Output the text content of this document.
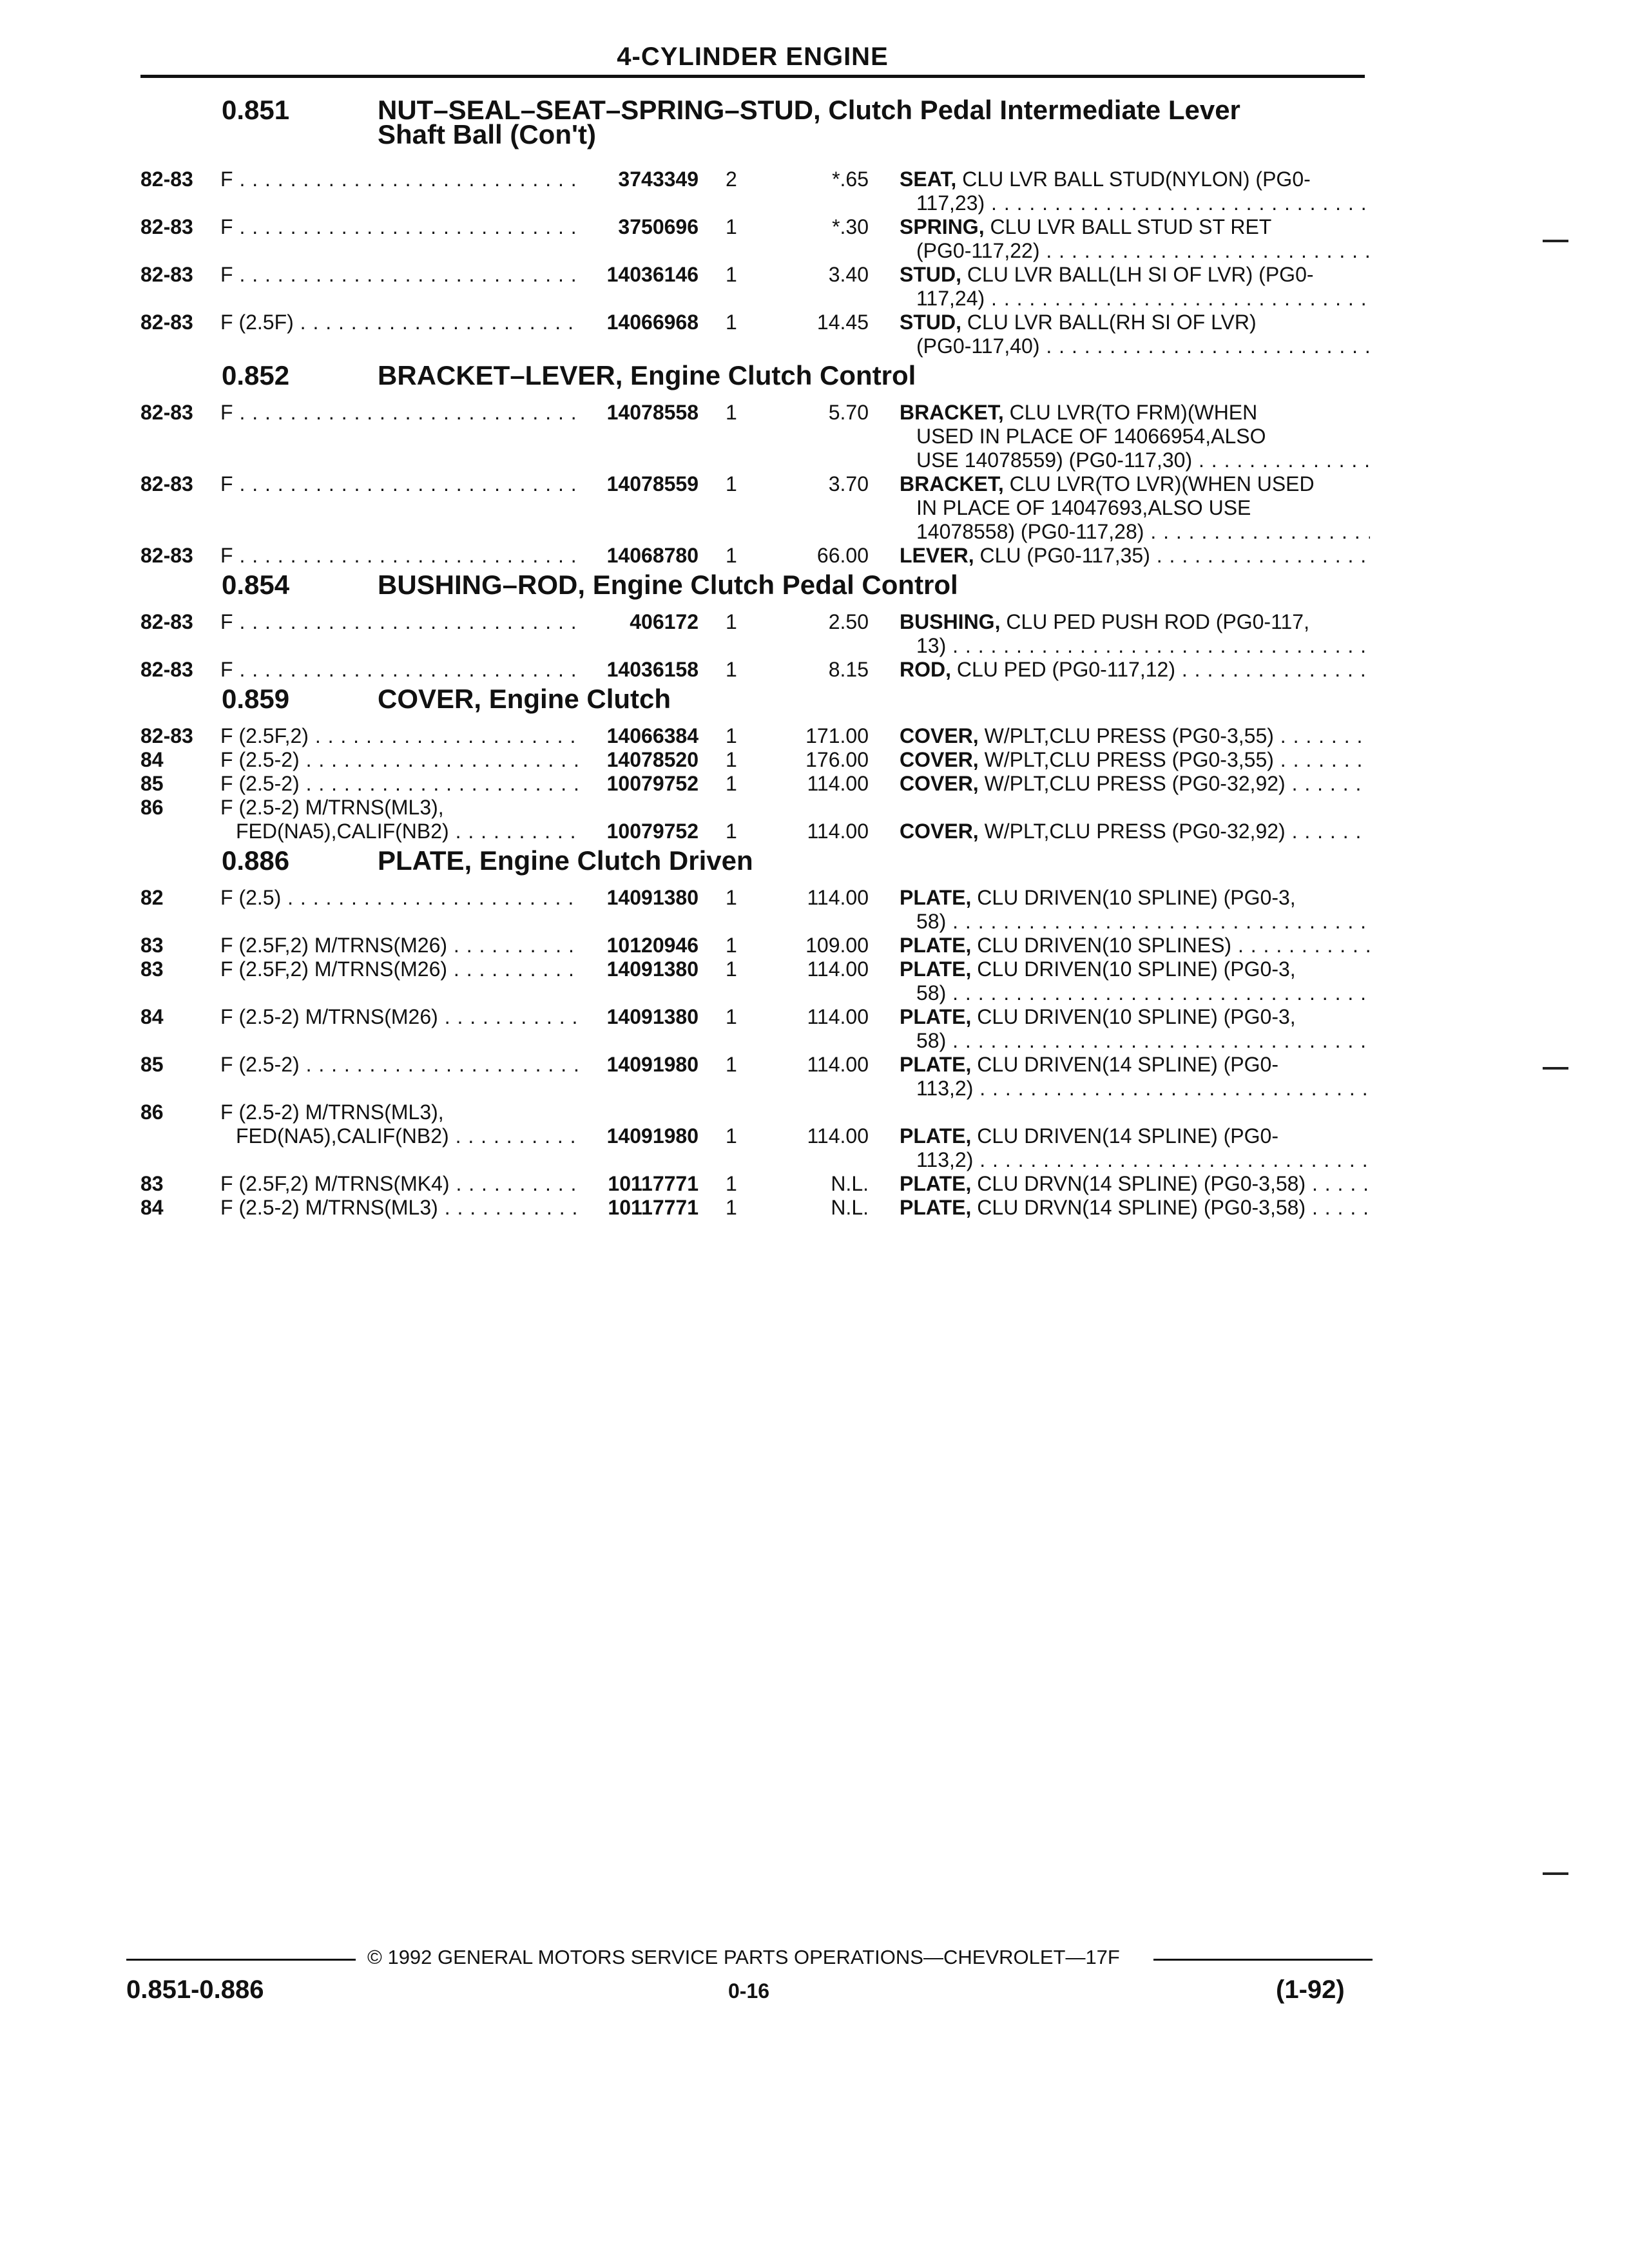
4-CYLINDER ENGINE
0.851	NUT–SEAL–SEAT–SPRING–STUD, Clutch Pedal Intermediate Lever
Shaft Ball (Con't)
82-83 F . . .	3743349 2	*.65 SEAT, CLU LVR BALL STUD(NYLON) (PG0-
117,23) . . .
82-83 F . . .	3750696 1	*.30 SPRING, CLU LVR BALL STUD ST RET
(PG0-117,22) . . .
82-83 F . . .	14036146 1	3.40 STUD, CLU LVR BALL(LH SI OF LVR) (PG0-
117,24) . . .
82-83 F (2.5F) . . .	14066968 1	14.45 STUD, CLU LVR BALL(RH SI OF LVR)
(PG0-117,40) . . .
0.852	BRACKET–LEVER, Engine Clutch Control
82-83 F . . .	14078558 1	5.70 BRACKET, CLU LVR(TO FRM)(WHEN
USED IN PLACE OF 14066954,ALSO
USE 14078559) (PG0-117,30) . . .
82-83 F . . .	14078559 1	3.70 BRACKET, CLU LVR(TO LVR)(WHEN USED
IN PLACE OF 14047693,ALSO USE
14078558) (PG0-117,28) . . .
82-83 F . . .	14068780 1	66.00 LEVER, CLU (PG0-117,35) . . .
0.854	BUSHING–ROD, Engine Clutch Pedal Control
82-83 F . . .	406172 1	2.50 BUSHING, CLU PED PUSH ROD (PG0-117,
13) . . .
82-83 F . . .	14036158 1	8.15 ROD, CLU PED (PG0-117,12) . . .
0.859	COVER, Engine Clutch
82-83 F (2.5F,2) . . .	14066384 1	171.00 COVER, W/PLT,CLU PRESS (PG0-3,55) . . .
84	F (2.5-2) . . .	14078520 1	176.00 COVER, W/PLT,CLU PRESS (PG0-3,55) . . .
85	F (2.5-2) . . .	10079752 1	114.00 COVER, W/PLT,CLU PRESS (PG0-32,92) . . .
86	F (2.5-2) M/TRNS(ML3),
FED(NA5),CALIF(NB2) . . .	10079752 1	114.00 COVER, W/PLT,CLU PRESS (PG0-32,92) . . .
0.886	PLATE, Engine Clutch Driven
82	F (2.5) . . .	14091380 1	114.00 PLATE, CLU DRIVEN(10 SPLINE) (PG0-3,
58) . . .
83	F (2.5F,2) M/TRNS(M26) . . .	10120946 1	109.00 PLATE, CLU DRIVEN(10 SPLINES) . . .
83	F (2.5F,2) M/TRNS(M26) . . .	14091380 1	114.00 PLATE, CLU DRIVEN(10 SPLINE) (PG0-3,
58) . . .
84	F (2.5-2) M/TRNS(M26) . . .	14091380 1	114.00 PLATE, CLU DRIVEN(10 SPLINE) (PG0-3,
58) . . .
85	F (2.5-2) . . .	14091980 1	114.00 PLATE, CLU DRIVEN(14 SPLINE) (PG0-
113,2) . . .
86	F (2.5-2) M/TRNS(ML3),
FED(NA5),CALIF(NB2) . . .	14091980 1	114.00 PLATE, CLU DRIVEN(14 SPLINE) (PG0-
113,2) . . .
83	F (2.5F,2) M/TRNS(MK4) . . .	10117771 1	N.L. PLATE, CLU DRVN(14 SPLINE) (PG0-3,58) . . .
84	F (2.5-2) M/TRNS(ML3) . . .	10117771 1	N.L. PLATE, CLU DRVN(14 SPLINE) (PG0-3,58) . . .
© 1992 GENERAL MOTORS SERVICE PARTS OPERATIONS—CHEVROLET—17F
0.851-0.886	0-16	(1-92)
